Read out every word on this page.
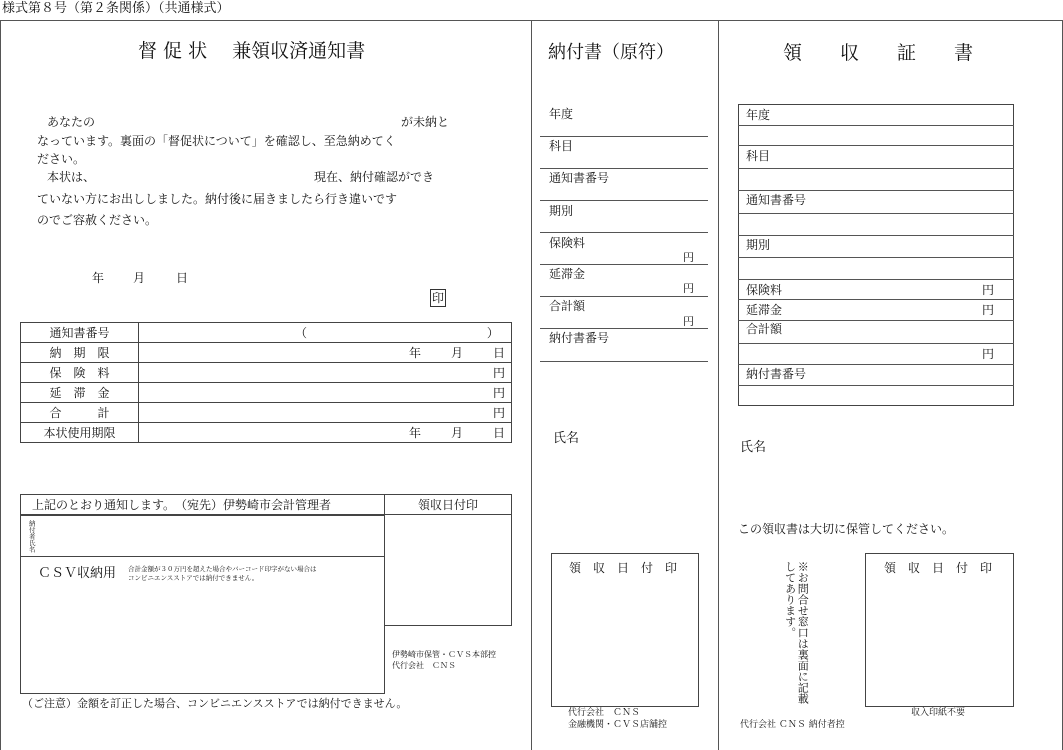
様式第８号（第２条関係）（共通様式）
督 促 状　 兼領収済通知書
あなたの	が未納と
なっています。裏面の「督促状について」を確認し、至急納めてく
ださい。
本状は、	現在、納付確認ができ
ていない方にお出ししました。納付後に届きましたら行き違いです
のでご容赦ください。
年 月	日
印
通知書番号	（ ）
納　期　限	年 月 日
保　険　料	円
延　滞　金	円
合　　　計	円
本状使用期限	年 月 日
上記のとおり通知します。　（宛先）伊勢崎市会計管理者	領収日付印
納付者氏名
ＣＳＶ収納用 合計金額が３０万円を超えた場合やバーコード印字がない場合は
コンビニエンスストアでは納付できません。
伊勢崎市保管・ＣＶＳ本部控
代行会社　ＣＮＳ
（ご注意）金額を訂正した場合、コンビニエンスストアでは納付できません。
納付書（原符）
年度
科目
通知書番号
期別
保険料
円
延滞金
円
合計額
円
納付書番号
氏名
領　収　日　付　印
代行会社　ＣＮＳ
金融機関・ＣＶＳ店舗控
領　　収　　証　　書
年度
科目
通知書番号
期別
保険料	円
延滞金	円
合計額
円
納付書番号
氏名
この領収書は大切に保管してください。
※お問合せ窓口は裏面に記載してあります。	領　収　日　付　印
収入印紙不要
代行会社 ＣＮＳ 納付者控
